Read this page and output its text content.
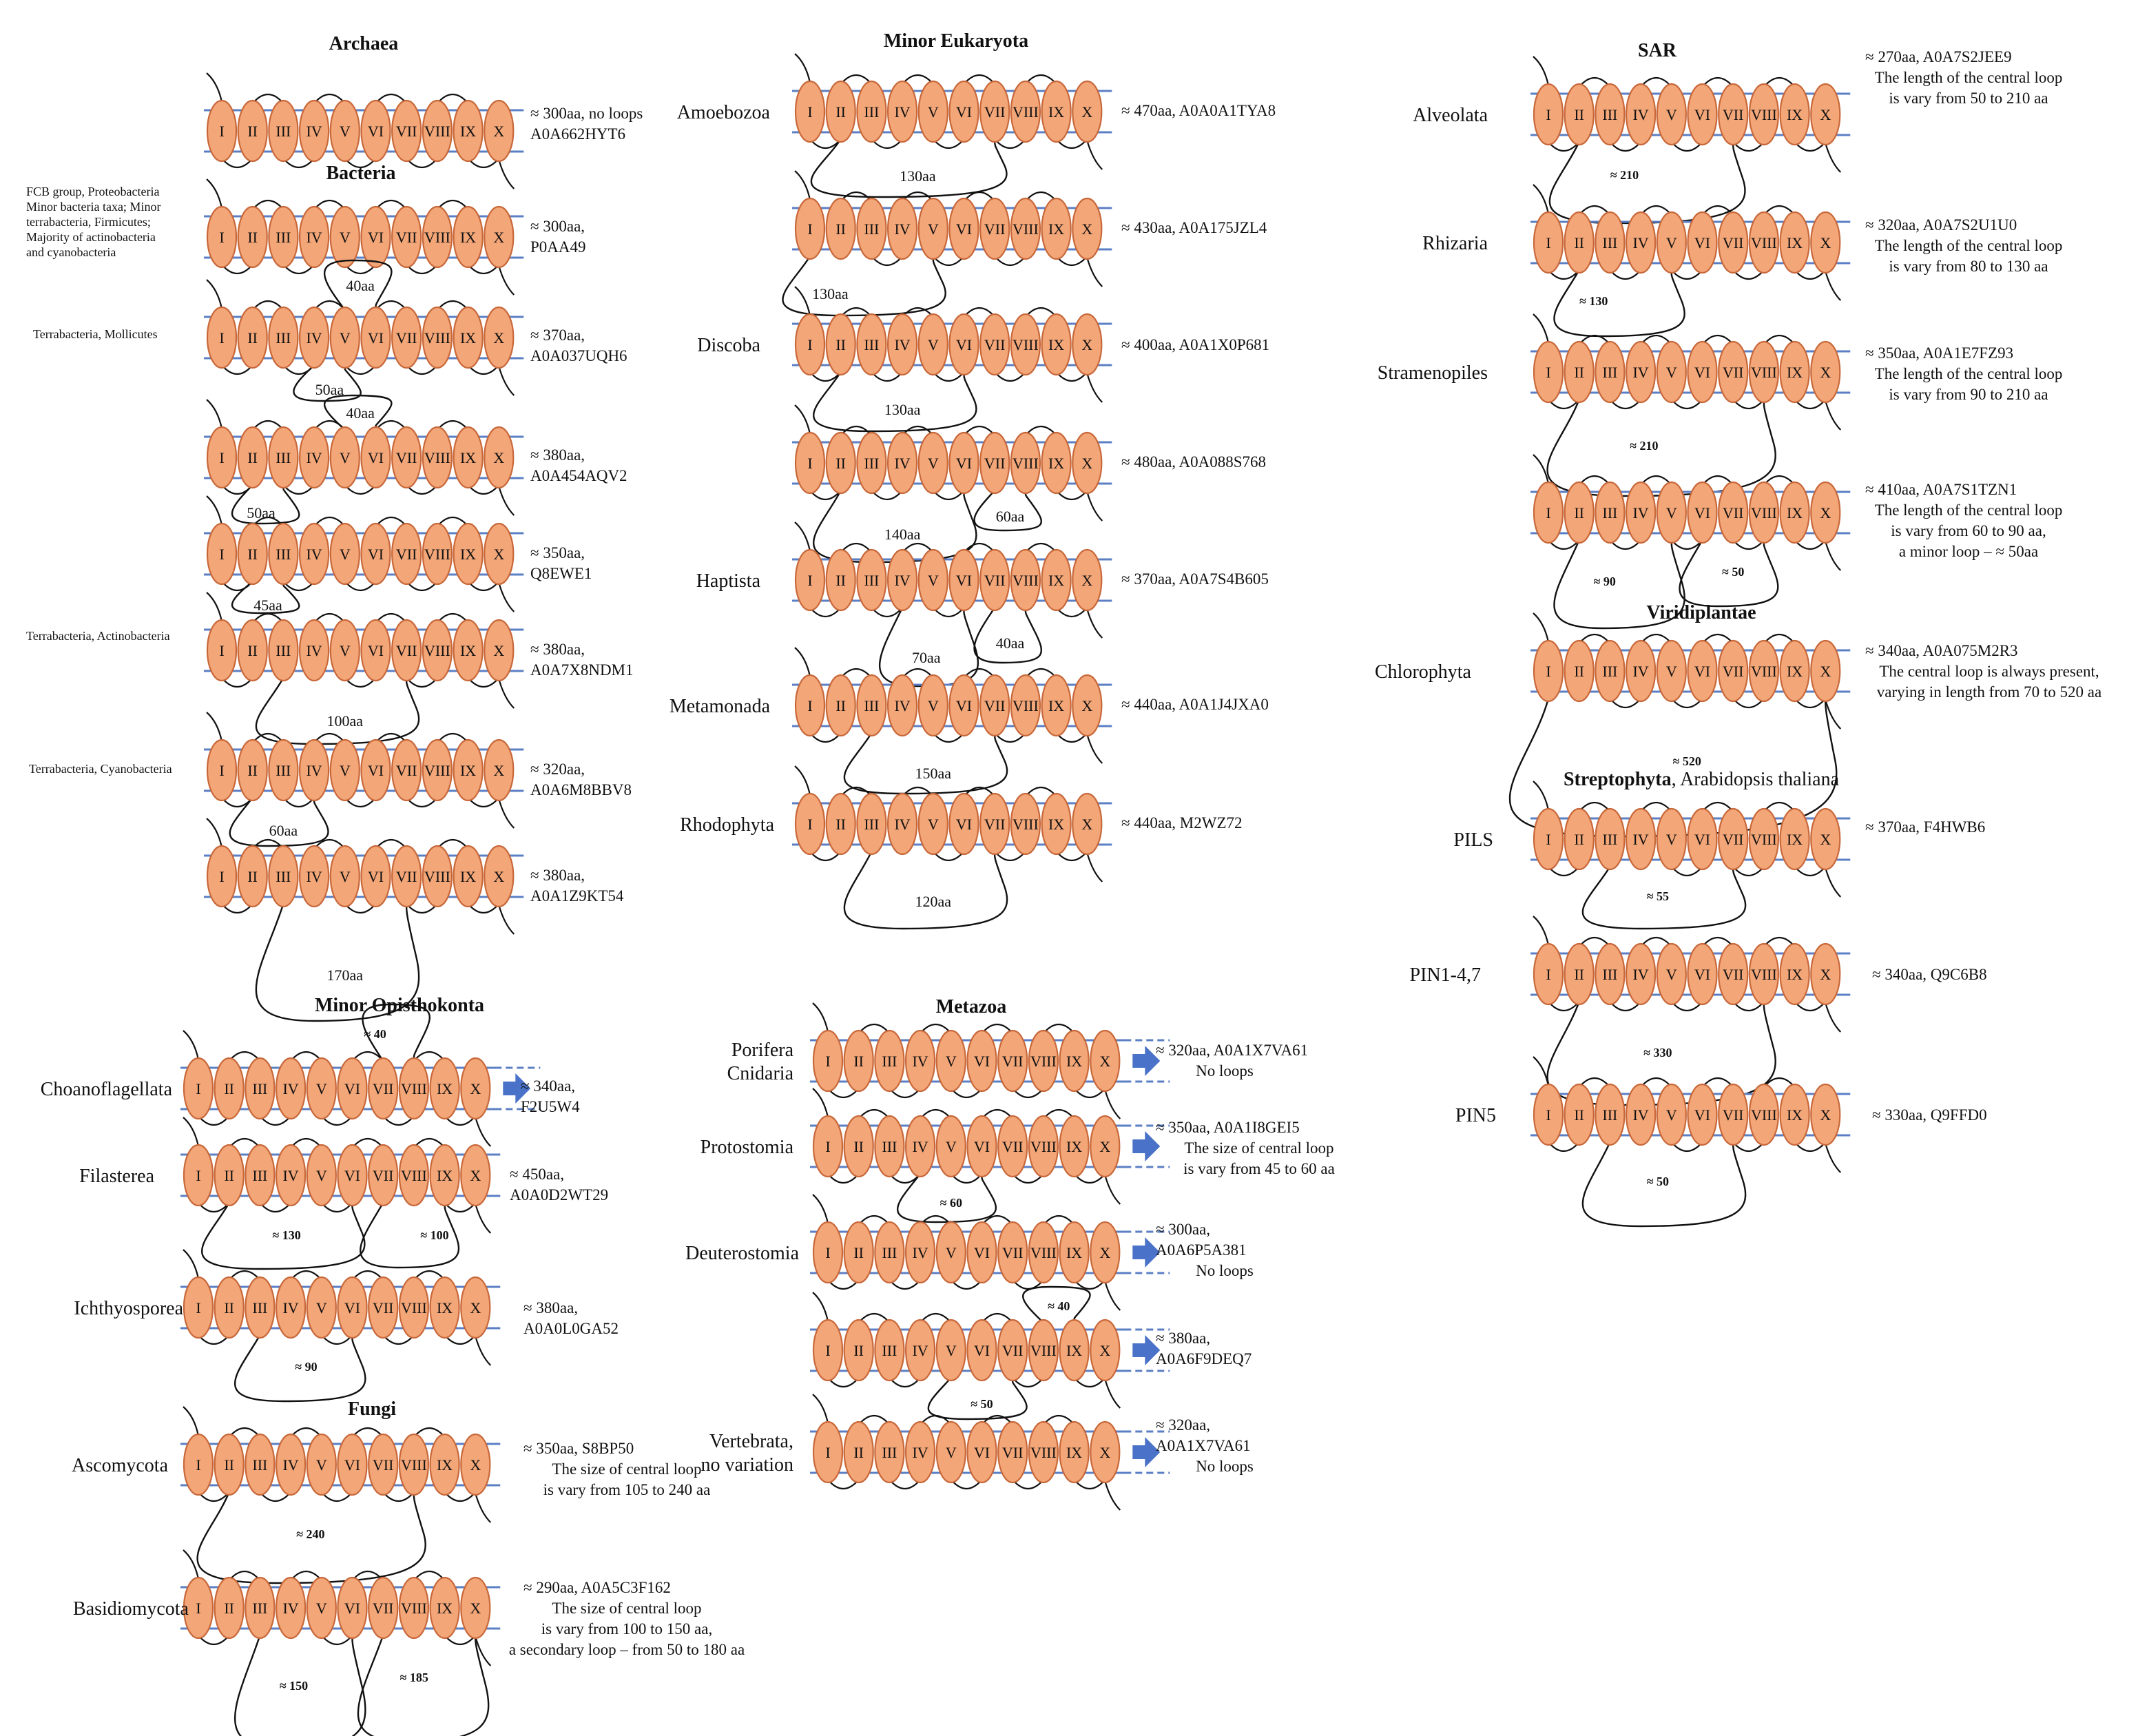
Archaea
Bacteria
Minor Eukaryota	SAR
Viridiplantae
Minor Opisthokonta	Metazoa
Fungi
Streptophyta, Arabidopsis thaliana
FCB group, Proteobacteria
Minor bacteria taxa; Minor
terrabacteria, Firmicutes;
Majority of actinobacteria
and cyanobacteria
Terrabacteria, Mollicutes
Terrabacteria, Actinobacteria
Terrabacteria, Cyanobacteria
I II III IV V VI VII VIII IX X
≈ 300aa, no loops
A0A662HYT6
I II III IV V VI VII VIII IX X
≈ 300aa,
P0AA49
40aa
50aa
I II III IV V VI VII VIII IX X ≈ 370aa,
A0A037UQH6
40aa
50aa
I II III IV V VI VII VIII IX X ≈ 380aa,
A0A454AQV2
45aa
I II III IV V VI VII VIII IX X ≈ 350aa,
Q8EWE1
100aa
I II III IV V VI VII VIII IX X ≈ 380aa,
A0A7X8NDM1
60aa
I II III IV V VI VII VIII IX X ≈ 320aa,
A0A6M8BBV8
170aa
I II III IV V VI VII VIII IX X ≈ 380aa,
A0A1Z9KT54
130aa
I II III IV V VI VII VIII IX X
Amoebozoa	≈ 470aa, A0A0A1TYA8
130aa
I II III IV V VI VII VIII IX X ≈ 430aa, A0A175JZL4
130aa
I II III IV V VI VII VIII IX X
Discoba	≈ 400aa, A0A1X0P681
140aa
60aa
I II III IV V VI VII VIII IX X ≈ 480aa, A0A088S768
70aa
40aa
I II III IV V VI VII VIII IX X
Haptista	≈ 370aa, A0A7S4B605
150aa
I II III IV V VI VII VIII IX X
Metamonada	≈ 440aa, A0A1J4JXA0
120aa
I II III IV V VI VII VIII IX X
Rhodophyta	≈ 440aa, M2WZ72
≈ 210
I II III IV V VI VII VIII IX X
Alveolata
≈ 270aa, A0A7S2JEE9
The length of the central loop
is vary from 50 to 210 aa
≈ 130
I II III IV V VI VII VIII IX X
Rhizaria
≈ 320aa, A0A7S2U1U0
The length of the central loop
is vary from 80 to 130 aa
≈ 210
I II III IV V VI VII VIII IX X
Stramenopiles
≈ 350aa, A0A1E7FZ93
The length of the central loop
is vary from 90 to 210 aa
≈ 90
≈ 50
I II III IV V VI VII VIII IX X
≈ 410aa, A0A7S1TZN1
The length of the central loop
is vary from 60 to 90 aa,
a minor loop – ≈ 50aa
≈ 520
I II III IV V VI VII VIII IX X
Chlorophyta
≈ 340aa, A0A075M2R3
The central loop is always present,
varying in length from 70 to 520 aa
≈ 55
I II III IV V VI VII VIII IX X
PILS
≈ 370aa, F4HWB6
≈ 330
I II III IV V VI VII VIII IX X
PIN1-4,7	≈ 340aa, Q9C6B8
≈ 50
I II III IV V VI VII VIII IX X
PIN5	≈ 330aa, Q9FFD0
≈ 40
I II III IV V VI VII VIII IX X
Choanoflagellata	≈ 340aa,
F2U5W4
≈ 130	≈ 100
I II III IV V VI VII VIII IX X
Filasterea	≈ 450aa,
A0A0D2WT29
≈ 90
I II III IV V VI VII VIII IX X
Ichthyosporea	≈ 380aa,
A0A0L0GA52
≈ 240
I II III IV V VI VII VIII IX X
Ascomycota
≈ 350aa, S8BP50
The size of central loop
is vary from 105 to 240 aa
≈ 150
≈ 185
I II III IV V VI VII VIII IX X
Basidiomycota
≈ 290aa, A0A5C3F162
The size of central loop
is vary from 100 to 150 aa,
a secondary loop – from 50 to 180 aa
I II III IV V VI VII VIII IX X
Porifera
Cnidaria
≈ 320aa, A0A1X7VA61
No loops
≈ 60
I II III IV V VI VII VIII IX X
Protostomia
≈ 350aa, A0A1I8GEI5
The size of central loop
is vary from 45 to 60 aa
I II III IV V VI VII VIII IX X
Deuterostomia
≈ 300aa,
A0A6P5A381
No loops
≈ 40
≈ 50
I II III IV V VI VII VIII IX X
≈ 380aa,
A0A6F9DEQ7
I II III IV V VI VII VIII IX X
Vertebrata,
no variation
≈ 320aa,
A0A1X7VA61
No loops
